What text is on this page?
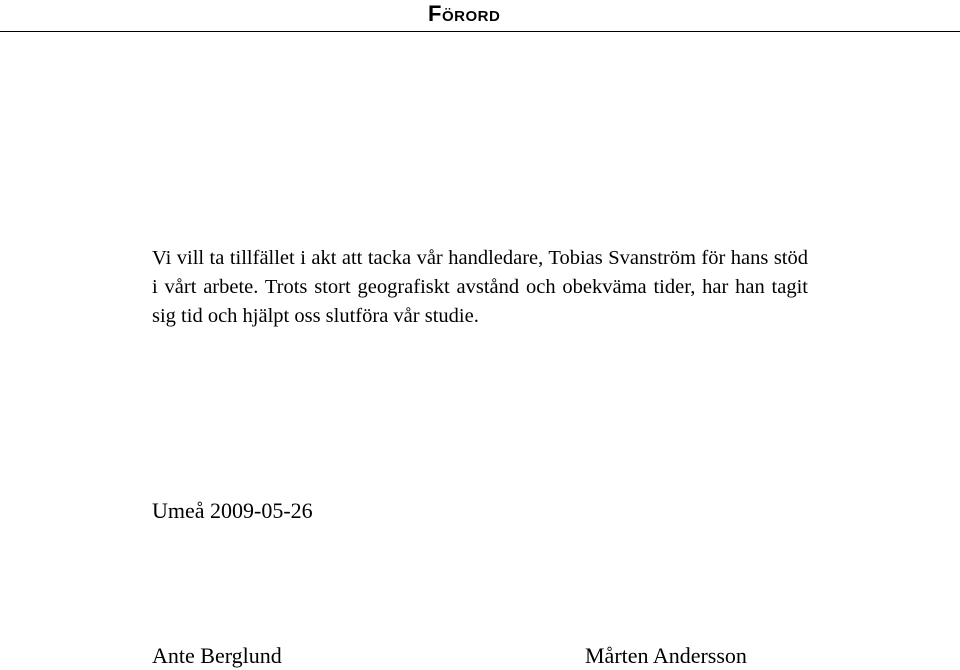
Förord

Vi vill ta tillfället i akt att tacka vår handledare, Tobias Svanström för hans stöd i vårt arbete. Trots stort geografiskt avstånd och obekväma tider, har han tagit sig tid och hjälpt oss slutföra vår studie.

Umeå 2009-05-26
Ante Berglund	Mårten Andersson
